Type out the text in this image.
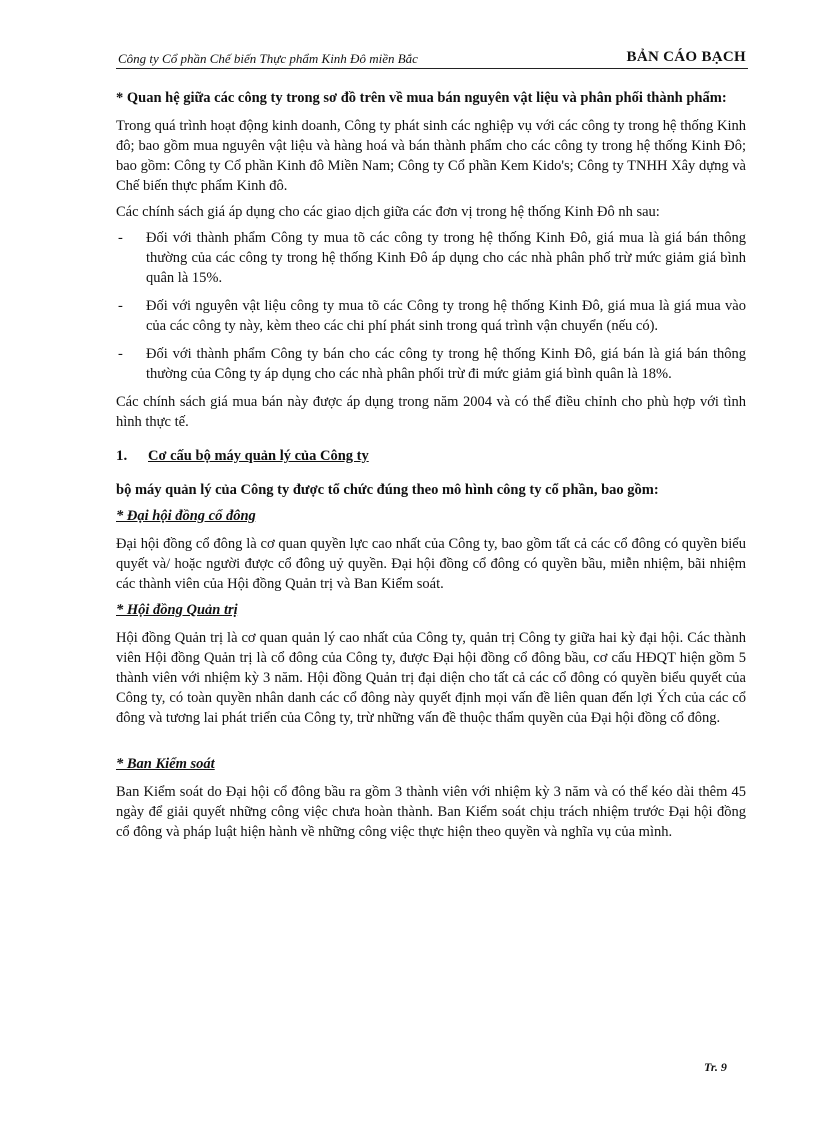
Công ty Cổ phần Chế biến Thực phẩm Kinh Đô miền Bắc	BẢN CÁO BẠCH

* Quan hệ giữa các công ty trong sơ đồ trên về mua bán nguyên vật liệu và phân phối thành phẩm:

Trong quá trình hoạt động kinh doanh, Công ty phát sinh các nghiệp vụ với các công ty trong hệ thống Kinh đô; bao gồm mua nguyên vật liệu và hàng hoá và bán thành phẩm cho các công ty trong hệ thống Kinh Đô; bao gồm: Công ty Cổ phần Kinh đô Miền Nam; Công ty Cổ phần Kem Kido's; Công ty TNHH Xây dựng và Chế biến thực phẩm Kinh đô.

Các chính sách giá áp dụng cho các giao dịch giữa các đơn vị trong hệ thống Kinh Đô nh sau:

- Đối với thành phẩm Công ty mua tõ các công ty trong hệ thống Kinh Đô, giá mua là giá bán thông thường của các công ty trong hệ thống Kinh Đô áp dụng cho các nhà phân phố trừ mức giảm giá bình quân là 15%.
- Đối với nguyên vật liệu công ty mua tõ các Công ty trong hệ thống Kinh Đô, giá mua là giá mua vào của các công ty này, kèm theo các chi phí phát sinh trong quá trình vận chuyển (nếu có).
- Đối với thành phẩm Công ty bán cho các công ty trong hệ thống Kinh Đô, giá bán là giá bán thông thường của Công ty áp dụng cho các nhà phân phối trừ đi mức giảm giá bình quân là 18%.

Các chính sách giá mua bán này được áp dụng trong năm 2004 và có thể điều chỉnh cho phù hợp với tình hình thực tế.

1. Cơ cấu bộ máy quản lý của Công ty

bộ máy quản lý của Công ty được tổ chức đúng theo mô hình công ty cổ phần, bao gồm:

* Đại hội đồng cổ đông

Đại hội đồng cổ đông là cơ quan quyền lực cao nhất của Công ty, bao gồm tất cả các cổ đông có quyền biểu quyết và/ hoặc người được cổ đông uỷ quyền. Đại hội đồng cổ đông có quyền bầu, miễn nhiệm, bãi nhiệm các thành viên của Hội đồng Quản trị và Ban Kiểm soát.

* Hội đồng Quản trị

Hội đồng Quản trị là cơ quan quản lý cao nhất của Công ty, quản trị Công ty giữa hai kỳ đại hội. Các thành viên Hội đồng Quản trị là cổ đông của Công ty, được Đại hội đồng cổ đông bầu, cơ cấu HĐQT hiện gồm 5 thành viên với nhiệm kỳ 3 năm. Hội đồng Quản trị đại diện cho tất cả các cổ đông có quyền biểu quyết của Công ty, có toàn quyền nhân danh các cổ đông này quyết định mọi vấn đề liên quan đến lợi Ých của các cổ đông và tương lai phát triển của Công ty, trừ những vấn đề thuộc thẩm quyền của Đại hội đồng cổ đông.

* Ban Kiểm soát

Ban Kiểm soát do Đại hội cổ đông bầu ra gồm 3 thành viên với nhiệm kỳ 3 năm và có thể kéo dài thêm 45 ngày để giải quyết những công việc chưa hoàn thành. Ban Kiểm soát chịu trách nhiệm trước Đại hội đồng cổ đông và pháp luật hiện hành về những công việc thực hiện theo quyền và nghĩa vụ của mình.

Tr. 9
